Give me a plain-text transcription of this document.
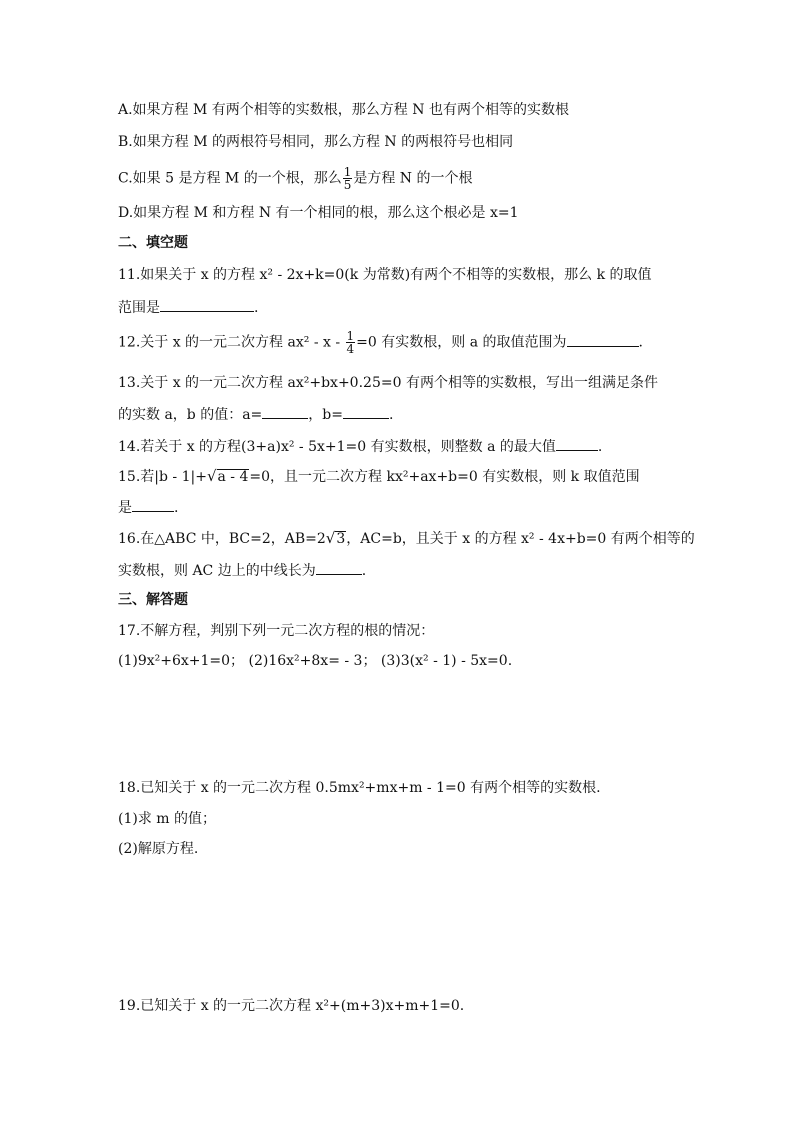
A.如果方程 M 有两个相等的实数根，那么方程 N 也有两个相等的实数根
B.如果方程 M 的两根符号相同，那么方程 N 的两根符号也相同
C.如果 5 是方程 M 的一个根，那么 $\frac{1}{5}$ 是方程 N 的一个根
D.如果方程 M 和方程 N 有一个相同的根，那么这个根必是 x=1
二、填空题
11.如果关于 x 的方程 x² - 2x+k=0(k 为常数)有两个不相等的实数根，那么 k 的取值
范围是	.
12.关于 x 的一元二次方程 $ax^2 - x - \frac{1}{4} =0$ 有实数根，则 a 的取值范围为	.
13.关于 x 的一元二次方程 ax²+bx+0.25=0 有两个相等的实数根，写出一组满足条件
的实数 a，b 的值：a=	，b=	.
14.若关于 x 的方程(3+a)x² - 5x+1=0 有实数根，则整数 a 的最大值	.
15.若|b - 1|+√a - 4=0，且一元二次方程 kx²+ax+b=0 有实数根，则 k 取值范围
是	.
16.在△ABC 中，BC=2，AB=2√3，AC=b，且关于 x 的方程 x² - 4x+b=0 有两个相等的
实数根，则 AC 边上的中线长为	.
三、解答题
17.不解方程，判别下列一元二次方程的根的情况：
(1)9x²+6x+1=0； (2)16x²+8x= - 3； (3)3(x² - 1) - 5x=0.
18.已知关于 x 的一元二次方程 0.5mx²+mx+m - 1=0 有两个相等的实数根.
(1)求 m 的值；
(2)解原方程.
19.已知关于 x 的一元二次方程 x²+(m+3)x+m+1=0.
